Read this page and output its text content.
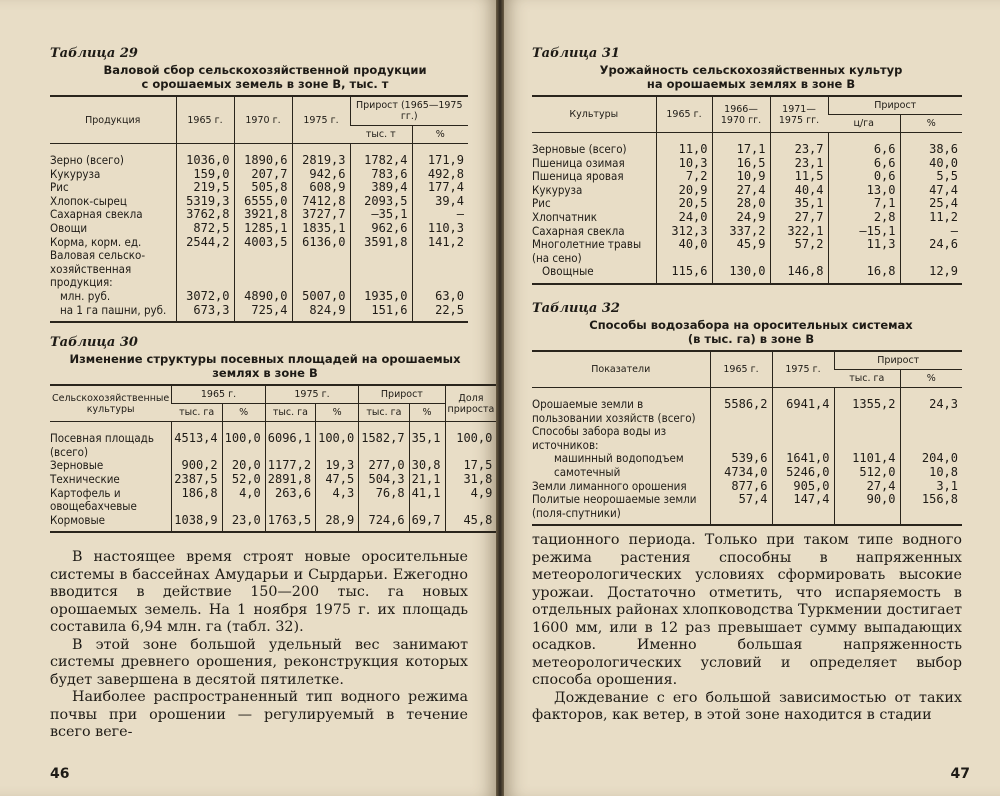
Таблица 29
Валовой сбор сельскохозяйственной продукции
с орошаемых земель в зоне В, тыс. т
Продукция	1965 г.	1970 г.	1975 г.	Прирост (1965—1975 гг.)	
				тыс. т	%
Зерно (всего)	1036,0	1890,6	2819,3	1782,4	171,9
Кукуруза	159,0	207,7	942,6	783,6	492,8
Рис	219,5	505,8	608,9	389,4	177,4
Хлопок-сырец	5319,3	6555,0	7412,8	2093,5	39,4
Сахарная свекла	3762,8	3921,8	3727,7	—35,1	—
Овощи	872,5	1285,1	1835,1	962,6	110,3
Корма, корм. ед.	2544,2	4003,5	6136,0	3591,8	141,2
Валовая сельско-хозяйственная продукция:					
млн. руб.	3072,0	4890,0	5007,0	1935,0	63,0
на 1 га пашни, руб.	673,3	725,4	824,9	151,6	22,5
Таблица 30
Изменение структуры посевных площадей на орошаемых
землях в зоне В
Сельскохозяйственные культуры	1965 г.		1975 г.		Прирост		Доля прироста
	тыс. га	%	тыс. га	%	тыс. га	%	
Посевная площадь (всего)	4513,4	100,0	6096,1	100,0	1582,7	35,1	100,0
Зерновые	900,2	20,0	1177,2	19,3	277,0	30,8	17,5
Технические	2387,5	52,0	2891,8	47,5	504,3	21,1	31,8
Картофель и овощебахчевые	186,8	4,0	263,6	4,3	76,8	41,1	4,9
Кормовые	1038,9	23,0	1763,5	28,9	724,6	69,7	45,8

В настоящее время строят новые оросительные системы в бассейнах Амударьи и Сырдарьи. Ежегодно вводится в действие 150—200 тыс. га новых орошаемых земель. На 1 ноября 1975 г. их площадь составила 6,94 млн. га (табл. 32).

В этой зоне большой удельный вес занимают системы древнего орошения, реконструкция которых будет завершена в десятой пятилетке.

Наиболее распространенный тип водного режима почвы при орошении — регулируемый в течение всего веге-

46
Таблица 31
Урожайность сельскохозяйственных культур
на орошаемых землях в зоне В
Культуры	1965 г.	1966— 1970 гг.	1971— 1975 гг.	Прирост	
				ц/га	%
Зерновые (всего)	11,0	17,1	23,7	6,6	38,6
Пшеница озимая	10,3	16,5	23,1	6,6	40,0
Пшеница яровая	7,2	10,9	11,5	0,6	5,5
Кукуруза	20,9	27,4	40,4	13,0	47,4
Рис	20,5	28,0	35,1	7,1	25,4
Хлопчатник	24,0	24,9	27,7	2,8	11,2
Сахарная свекла	312,3	337,2	322,1	—15,1	—
Многолетние травы (на сено)	40,0	45,9	57,2	11,3	24,6
Овощные	115,6	130,0	146,8	16,8	12,9
Таблица 32
Способы водозабора на оросительных системах
(в тыс. га) в зоне В
Показатели	1965 г.	1975 г.	Прирост	
			тыс. га	%
Орошаемые земли в пользовании хозяйств (всего)	5586,2	6941,4	1355,2	24,3
Способы забора воды из источников:				
машинный водоподъем	539,6	1641,0	1101,4	204,0
самотечный	4734,0	5246,0	512,0	10,8
Земли лиманного орошения	877,6	905,0	27,4	3,1
Политые неорошаемые земли (поля-спутники)	57,4	147,4	90,0	156,8

тационного периода. Только при таком типе водного режима растения способны в напряженных метеорологических условиях сформировать высокие урожаи. Достаточно отметить, что испаряемость в отдельных районах хлопководства Туркмении достигает 1600 мм, или в 12 раз превышает сумму выпадающих осадков. Именно большая напряженность метеорологических условий и определяет выбор способа орошения.

Дождевание с его большой зависимостью от таких факторов, как ветер, в этой зоне находится в стадии

47
